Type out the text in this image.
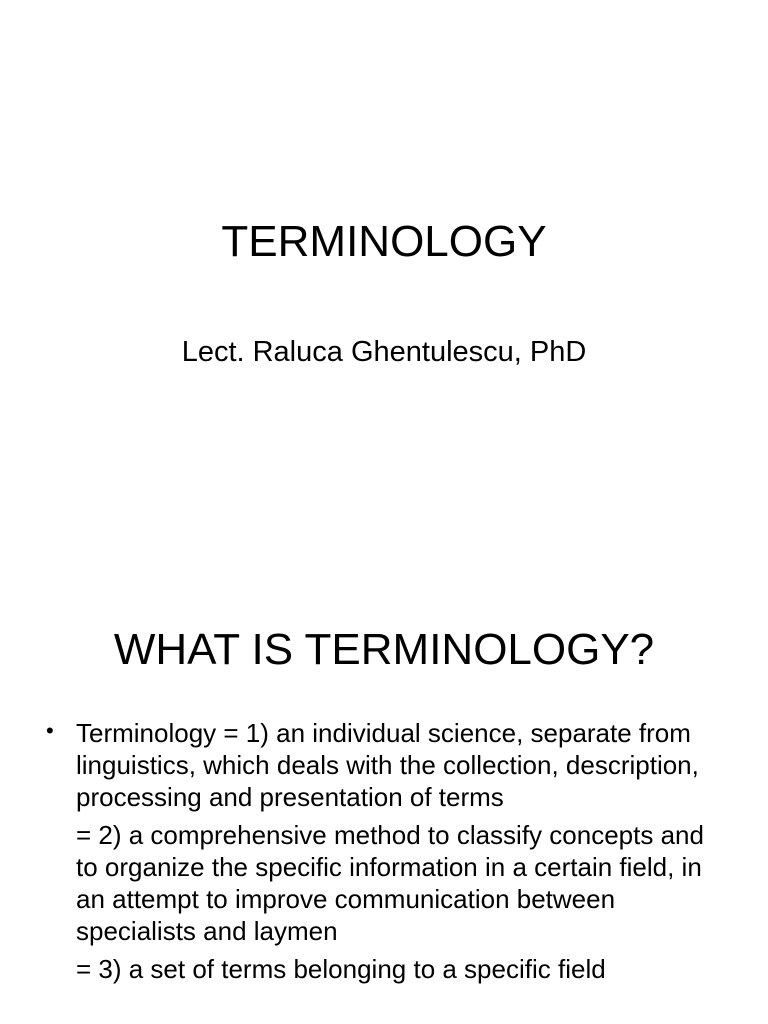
TERMINOLOGY

Lect. Raluca Ghentulescu, PhD

WHAT IS TERMINOLOGY?
• Terminology = 1) an individual science, separate from linguistics, which deals with the collection, description, processing and presentation of terms
= 2) a comprehensive method to classify concepts and to organize the specific information in a certain field, in an attempt to improve communication between specialists and laymen
= 3) a set of terms belonging to a specific field
